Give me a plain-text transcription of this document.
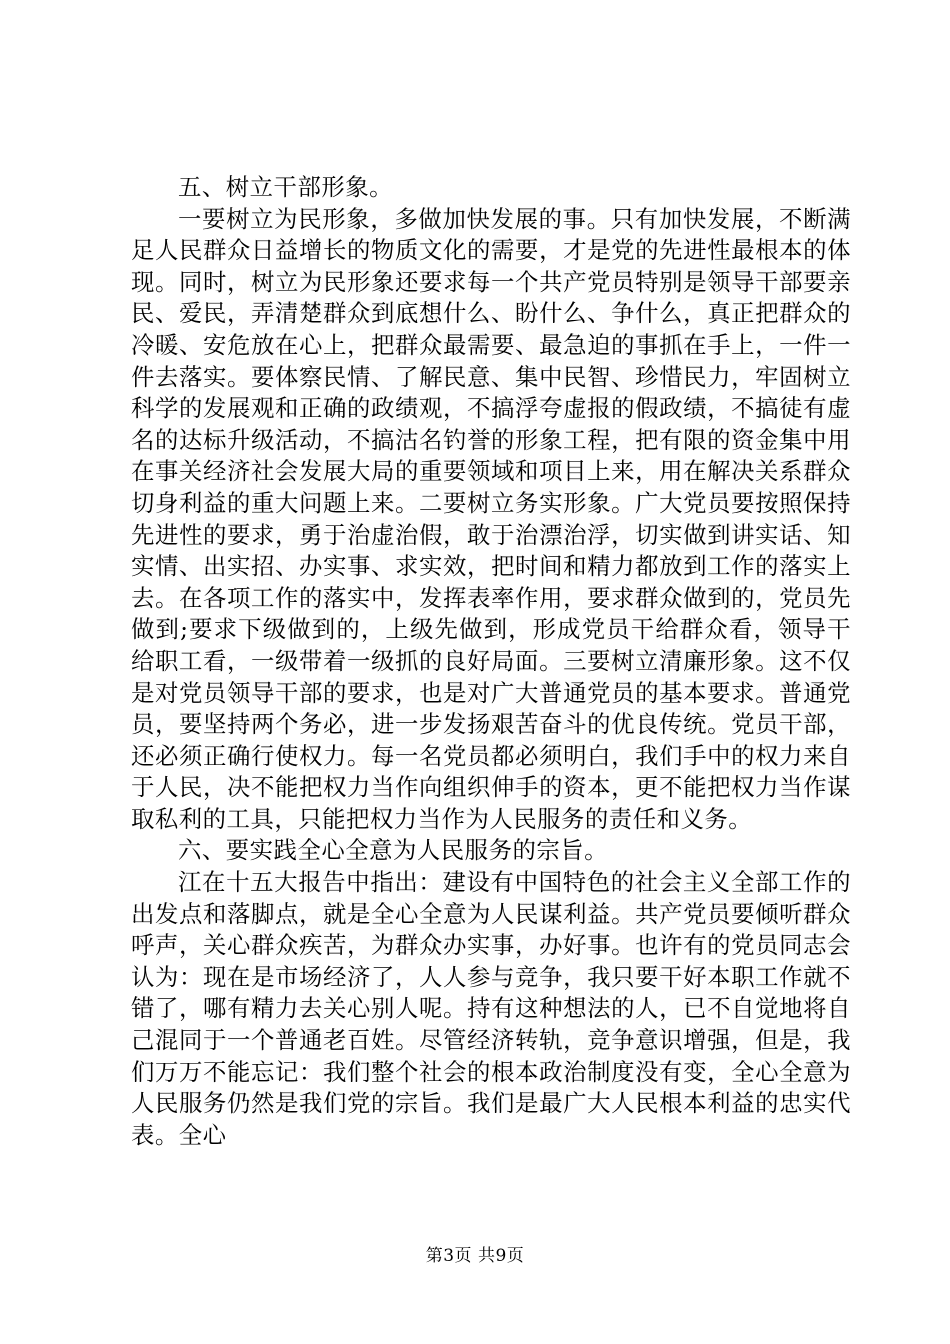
五、树立干部形象。

一要树立为民形象，多做加快发展的事。只有加快发展，不断满足人民群众日益增长的物质文化的需要，才是党的先进性最根本的体现。同时，树立为民形象还要求每一个共产党员特别是领导干部要亲民、爱民，弄清楚群众到底想什么、盼什么、争什么，真正把群众的冷暖、安危放在心上，把群众最需要、最急迫的事抓在手上，一件一件去落实。要体察民情、了解民意、集中民智、珍惜民力，牢固树立科学的发展观和正确的政绩观，不搞浮夸虚报的假政绩，不搞徒有虚名的达标升级活动，不搞沽名钓誉的形象工程，把有限的资金集中用在事关经济社会发展大局的重要领域和项目上来，用在解决关系群众切身利益的重大问题上来。二要树立务实形象。广大党员要按照保持先进性的要求，勇于治虚治假，敢于治漂治浮，切实做到讲实话、知实情、出实招、办实事、求实效，把时间和精力都放到工作的落实上去。在各项工作的落实中，发挥表率作用，要求群众做到的，党员先做到;要求下级做到的，上级先做到，形成党员干给群众看，领导干给职工看，一级带着一级抓的良好局面。三要树立清廉形象。这不仅是对党员领导干部的要求，也是对广大普通党员的基本要求。普通党员，要坚持两个务必，进一步发扬艰苦奋斗的优良传统。党员干部，还必须正确行使权力。每一名党员都必须明白，我们手中的权力来自于人民，决不能把权力当作向组织伸手的资本，更不能把权力当作谋取私利的工具，只能把权力当作为人民服务的责任和义务。

六、要实践全心全意为人民服务的宗旨。

江在十五大报告中指出：建设有中国特色的社会主义全部工作的出发点和落脚点，就是全心全意为人民谋利益。共产党员要倾听群众呼声，关心群众疾苦，为群众办实事，办好事。也许有的党员同志会认为：现在是市场经济了，人人参与竞争，我只要干好本职工作就不错了，哪有精力去关心别人呢。持有这种想法的人，已不自觉地将自己混同于一个普通老百姓。尽管经济转轨，竞争意识增强，但是，我们万万不能忘记：我们整个社会的根本政治制度没有变，全心全意为人民服务仍然是我们党的宗旨。我们是最广大人民根本利益的忠实代表。全心

第3页 共9页
